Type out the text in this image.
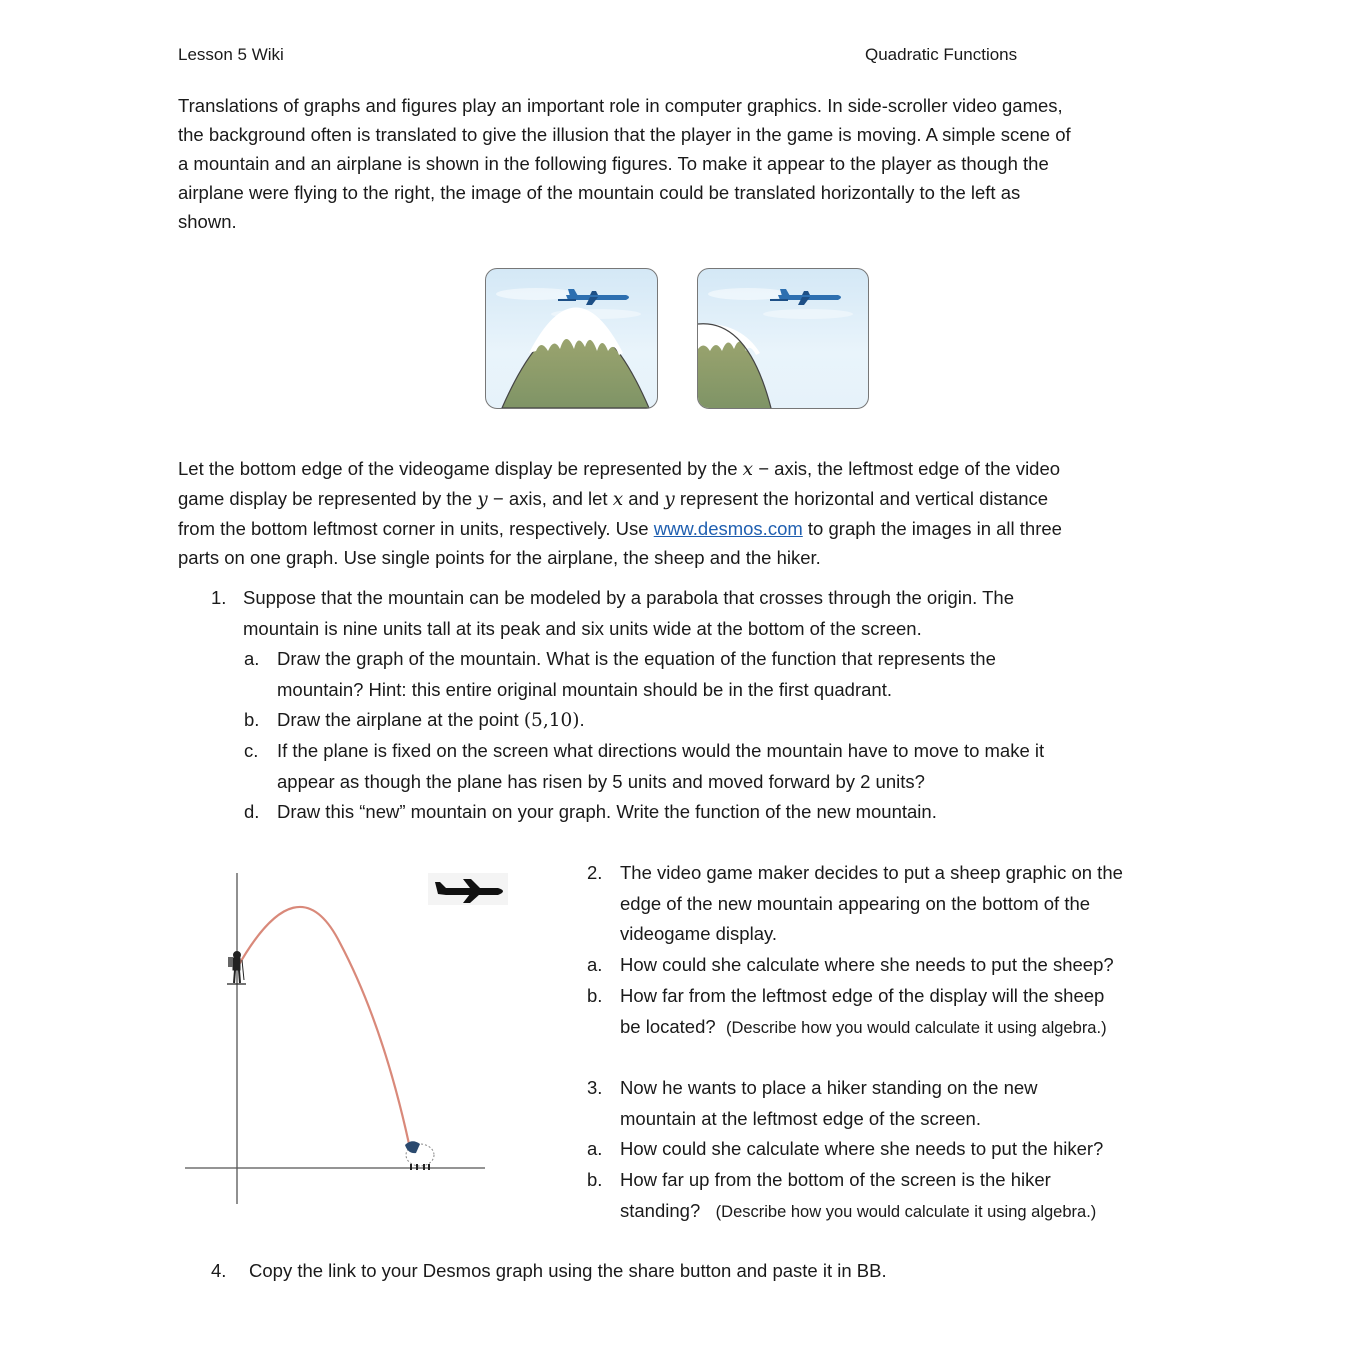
Lesson 5 Wiki	Quadratic Functions
Translations of graphs and figures play an important role in computer graphics. In side-scroller video games,
the background often is translated to give the illusion that the player in the game is moving. A simple scene of
a mountain and an airplane is shown in the following figures. To make it appear to the player as though the
airplane were flying to the right, the image of the mountain could be translated horizontally to the left as
shown.
Let the bottom edge of the videogame display be represented by the x − axis, the leftmost edge of the video
game display be represented by the y − axis, and let x and y represent the horizontal and vertical distance
from the bottom leftmost corner in units, respectively. Use www.desmos.com to graph the images in all three
parts on one graph. Use single points for the airplane, the sheep and the hiker.
1. Suppose that the mountain can be modeled by a parabola that crosses through the origin. The
mountain is nine units tall at its peak and six units wide at the bottom of the screen.
a. Draw the graph of the mountain. What is the equation of the function that represents the
mountain? Hint: this entire original mountain should be in the first quadrant.
b. Draw the airplane at the point (5,10).
c. If the plane is fixed on the screen what directions would the mountain have to move to make it
appear as though the plane has risen by 5 units and moved forward by 2 units?
d. Draw this “new” mountain on your graph. Write the function of the new mountain.
2. The video game maker decides to put a sheep graphic on the
edge of the new mountain appearing on the bottom of the
videogame display.
a. How could she calculate where she needs to put the sheep?
b. How far from the leftmost edge of the display will the sheep
be located? (Describe how you would calculate it using algebra.)
3. Now he wants to place a hiker standing on the new
mountain at the leftmost edge of the screen.
a. How could she calculate where she needs to put the hiker?
b. How far up from the bottom of the screen is the hiker
standing? (Describe how you would calculate it using algebra.)
4. Copy the link to your Desmos graph using the share button and paste it in BB.
